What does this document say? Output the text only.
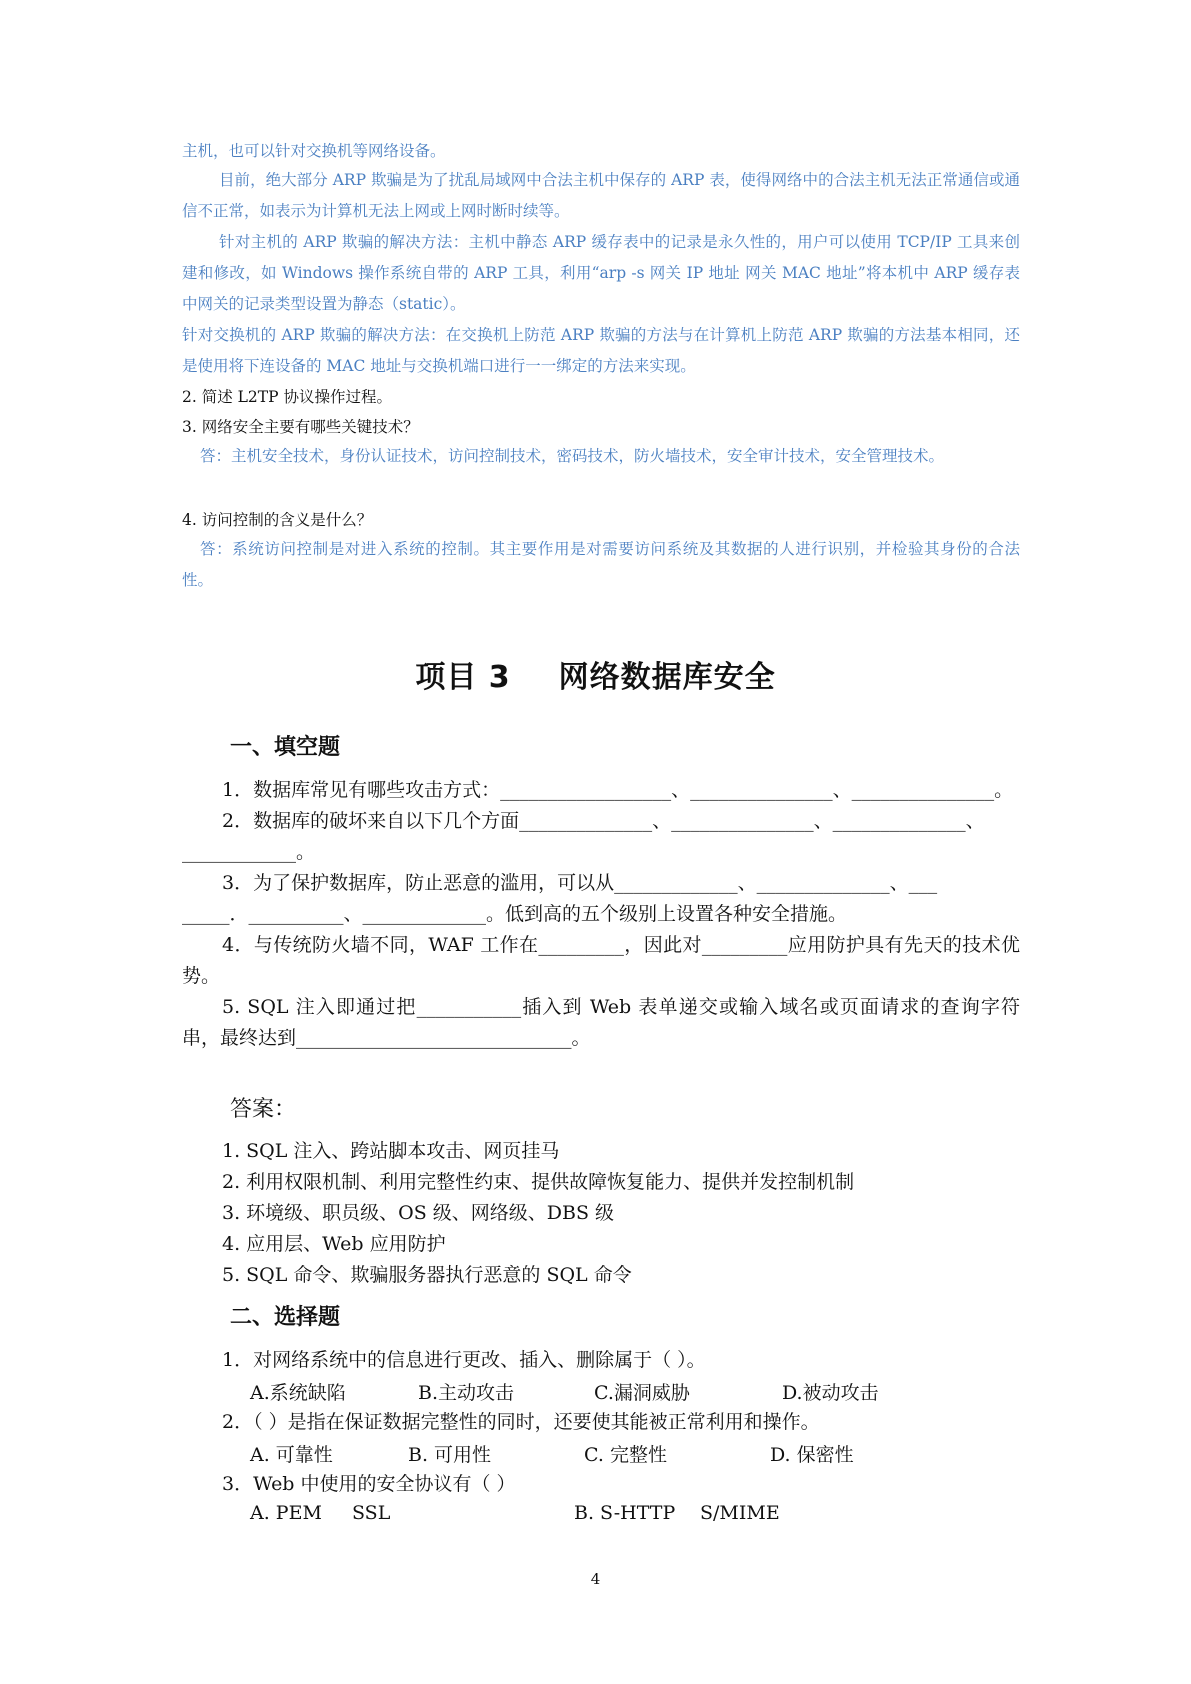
主机，也可以针对交换机等网络设备。
目前，绝大部分 ARP 欺骗是为了扰乱局域网中合法主机中保存的 ARP 表，使得网络中的合法主机无法正常通信或通信不正常，如表示为计算机无法上网或上网时断时续等。
针对主机的 ARP 欺骗的解决方法：主机中静态 ARP 缓存表中的记录是永久性的，用户可以使用 TCP/IP 工具来创建和修改，如 Windows 操作系统自带的 ARP 工具，利用“arp -s 网关 IP 地址 网关 MAC 地址”将本机中 ARP 缓存表中网关的记录类型设置为静态（static）。
针对交换机的 ARP 欺骗的解决方法：在交换机上防范 ARP 欺骗的方法与在计算机上防范 ARP 欺骗的方法基本相同，还是使用将下连设备的 MAC 地址与交换机端口进行一一绑定的方法来实现。
2. 简述 L2TP 协议操作过程。
3. 网络安全主要有哪些关键技术？
答：主机安全技术，身份认证技术，访问控制技术，密码技术，防火墙技术，安全审计技术，安全管理技术。
4. 访问控制的含义是什么？
答：系统访问控制是对进入系统的控制。其主要作用是对需要访问系统及其数据的人进行识别，并检验其身份的合法性。
项目 3 网络数据库安全
一、填空题
1．数据库常见有哪些攻击方式：__________________、_______________、_______________。
2．数据库的破坏来自以下几个方面______________、_______________、______________、
____________。
3．为了保护数据库，防止恶意的滥用，可以从_____________、______________、___
_____．__________、_____________。低到高的五个级别上设置各种安全措施。
4．与传统防火墙不同，WAF 工作在_________，因此对_________应用防护具有先天的技术优势。
5. SQL 注入即通过把___________插入到 Web 表单递交或输入域名或页面请求的查询字符串，最终达到_____________________________。
答案：
1. SQL 注入、跨站脚本攻击、网页挂马
2. 利用权限机制、利用完整性约束、提供故障恢复能力、提供并发控制机制
3. 环境级、职员级、OS 级、网络级、DBS 级
4. 应用层、Web 应用防护
5. SQL 命令、欺骗服务器执行恶意的 SQL 命令
二、选择题
1．对网络系统中的信息进行更改、插入、删除属于（ ）。
A.系统缺陷	B.主动攻击	C.漏洞威胁	D.被动攻击
2．（ ）是指在保证数据完整性的同时，还要使其能被正常利用和操作。
A. 可靠性	B. 可用性	C. 完整性	D. 保密性
3．Web 中使用的安全协议有（ ）
A. PEM SSL	B. S-HTTP S/MIME
4
